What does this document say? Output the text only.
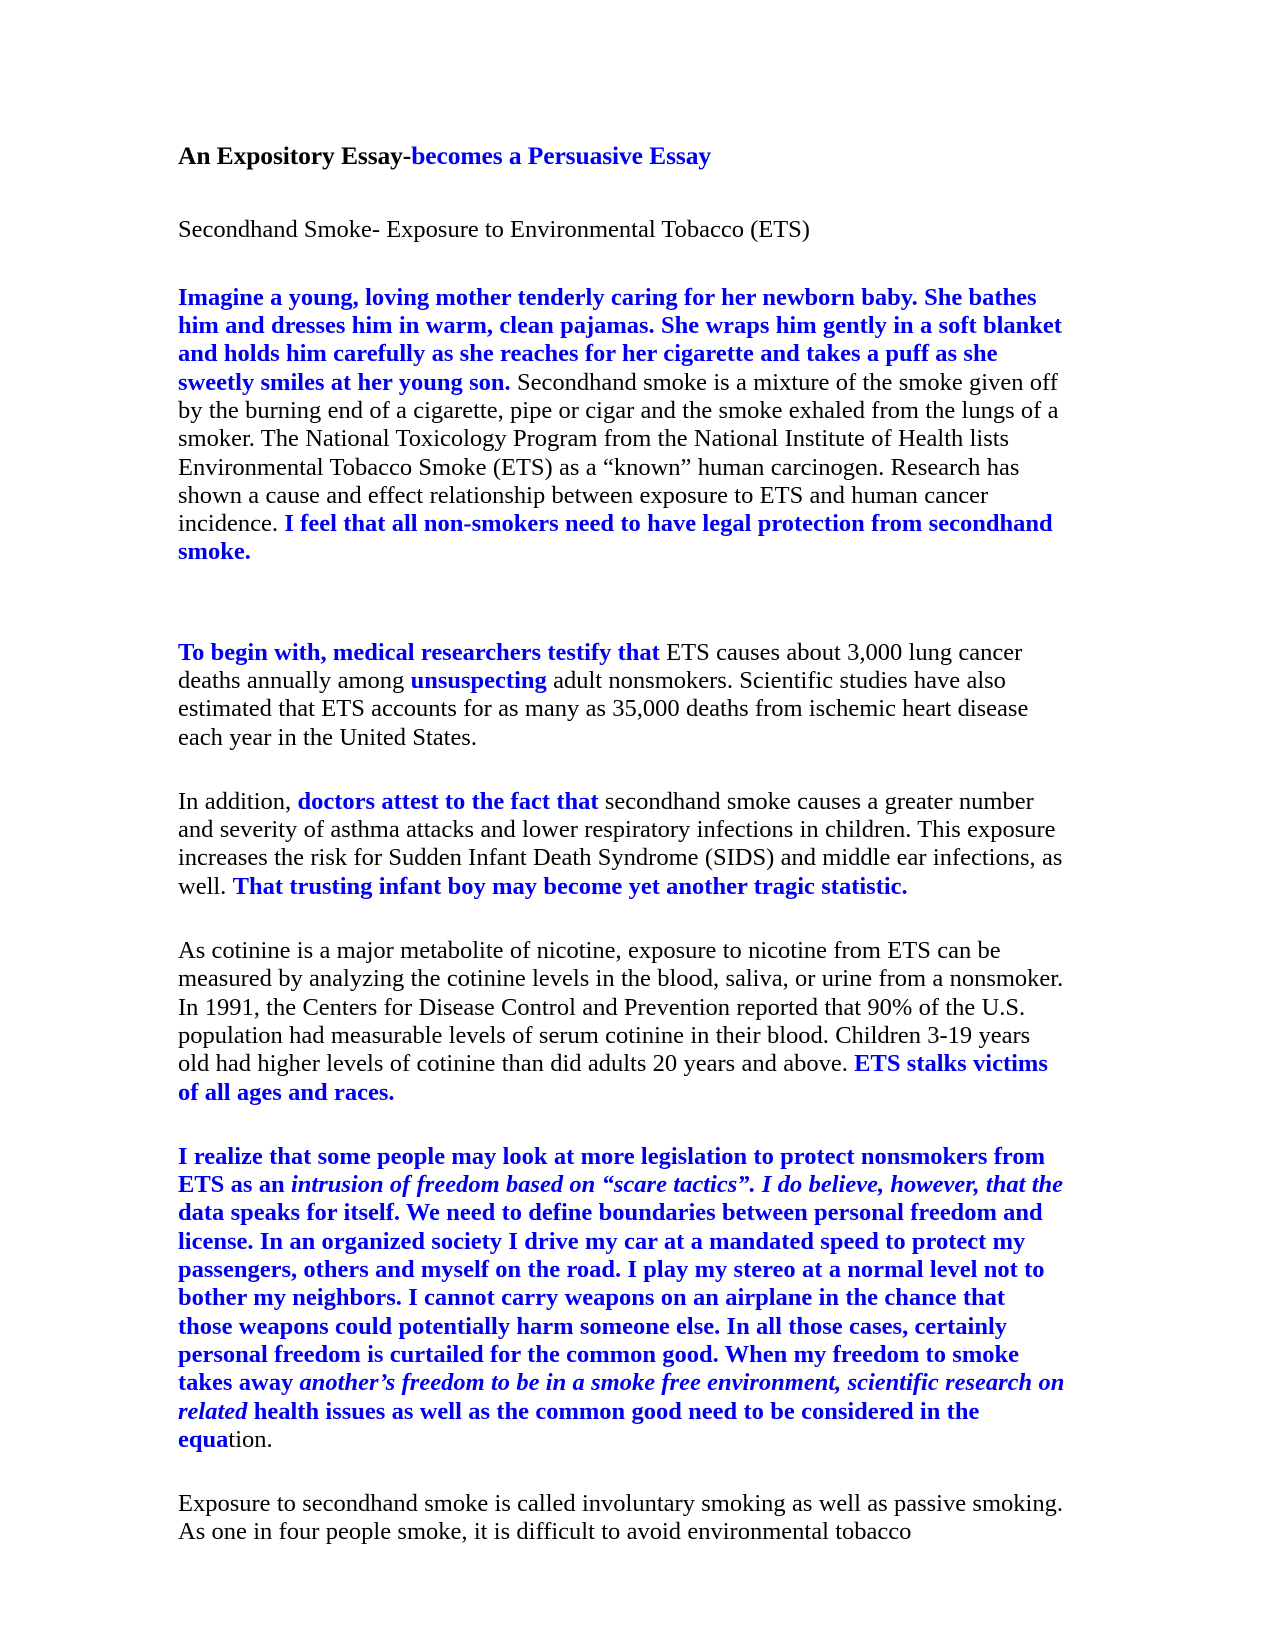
An Expository Essay-becomes a Persuasive Essay

Secondhand Smoke- Exposure to Environmental Tobacco (ETS)

Imagine a young, loving mother tenderly caring for her newborn baby. She bathes him and dresses him in warm, clean pajamas. She wraps him gently in a soft blanket and holds him carefully as she reaches for her cigarette and takes a puff as she sweetly smiles at her young son. Secondhand smoke is a mixture of the smoke given off by the burning end of a cigarette, pipe or cigar and the smoke exhaled from the lungs of a smoker. The National Toxicology Program from the National Institute of Health lists Environmental Tobacco Smoke (ETS) as a “known” human carcinogen. Research has shown a cause and effect relationship between exposure to ETS and human cancer incidence. I feel that all non-smokers need to have legal protection from secondhand smoke.

To begin with, medical researchers testify that ETS causes about 3,000 lung cancer deaths annually among unsuspecting adult nonsmokers. Scientific studies have also estimated that ETS accounts for as many as 35,000 deaths from ischemic heart disease each year in the United States.

In addition, doctors attest to the fact that secondhand smoke causes a greater number and severity of asthma attacks and lower respiratory infections in children. This exposure increases the risk for Sudden Infant Death Syndrome (SIDS) and middle ear infections, as well. That trusting infant boy may become yet another tragic statistic.

As cotinine is a major metabolite of nicotine, exposure to nicotine from ETS can be measured by analyzing the cotinine levels in the blood, saliva, or urine from a nonsmoker. In 1991, the Centers for Disease Control and Prevention reported that 90% of the U.S. population had measurable levels of serum cotinine in their blood. Children 3-19 years old had higher levels of cotinine than did adults 20 years and above. ETS stalks victims of all ages and races.

I realize that some people may look at more legislation to protect nonsmokers from ETS as an intrusion of freedom based on “scare tactics”. I do believe, however, that the data speaks for itself. We need to define boundaries between personal freedom and license. In an organized society I drive my car at a mandated speed to protect my passengers, others and myself on the road. I play my stereo at a normal level not to bother my neighbors. I cannot carry weapons on an airplane in the chance that those weapons could potentially harm someone else. In all those cases, certainly personal freedom is curtailed for the common good. When my freedom to smoke takes away another’s freedom to be in a smoke free environment, scientific research on related health issues as well as the common good need to be considered in the equation.

Exposure to secondhand smoke is called involuntary smoking as well as passive smoking. As one in four people smoke, it is difficult to avoid environmental tobacco
